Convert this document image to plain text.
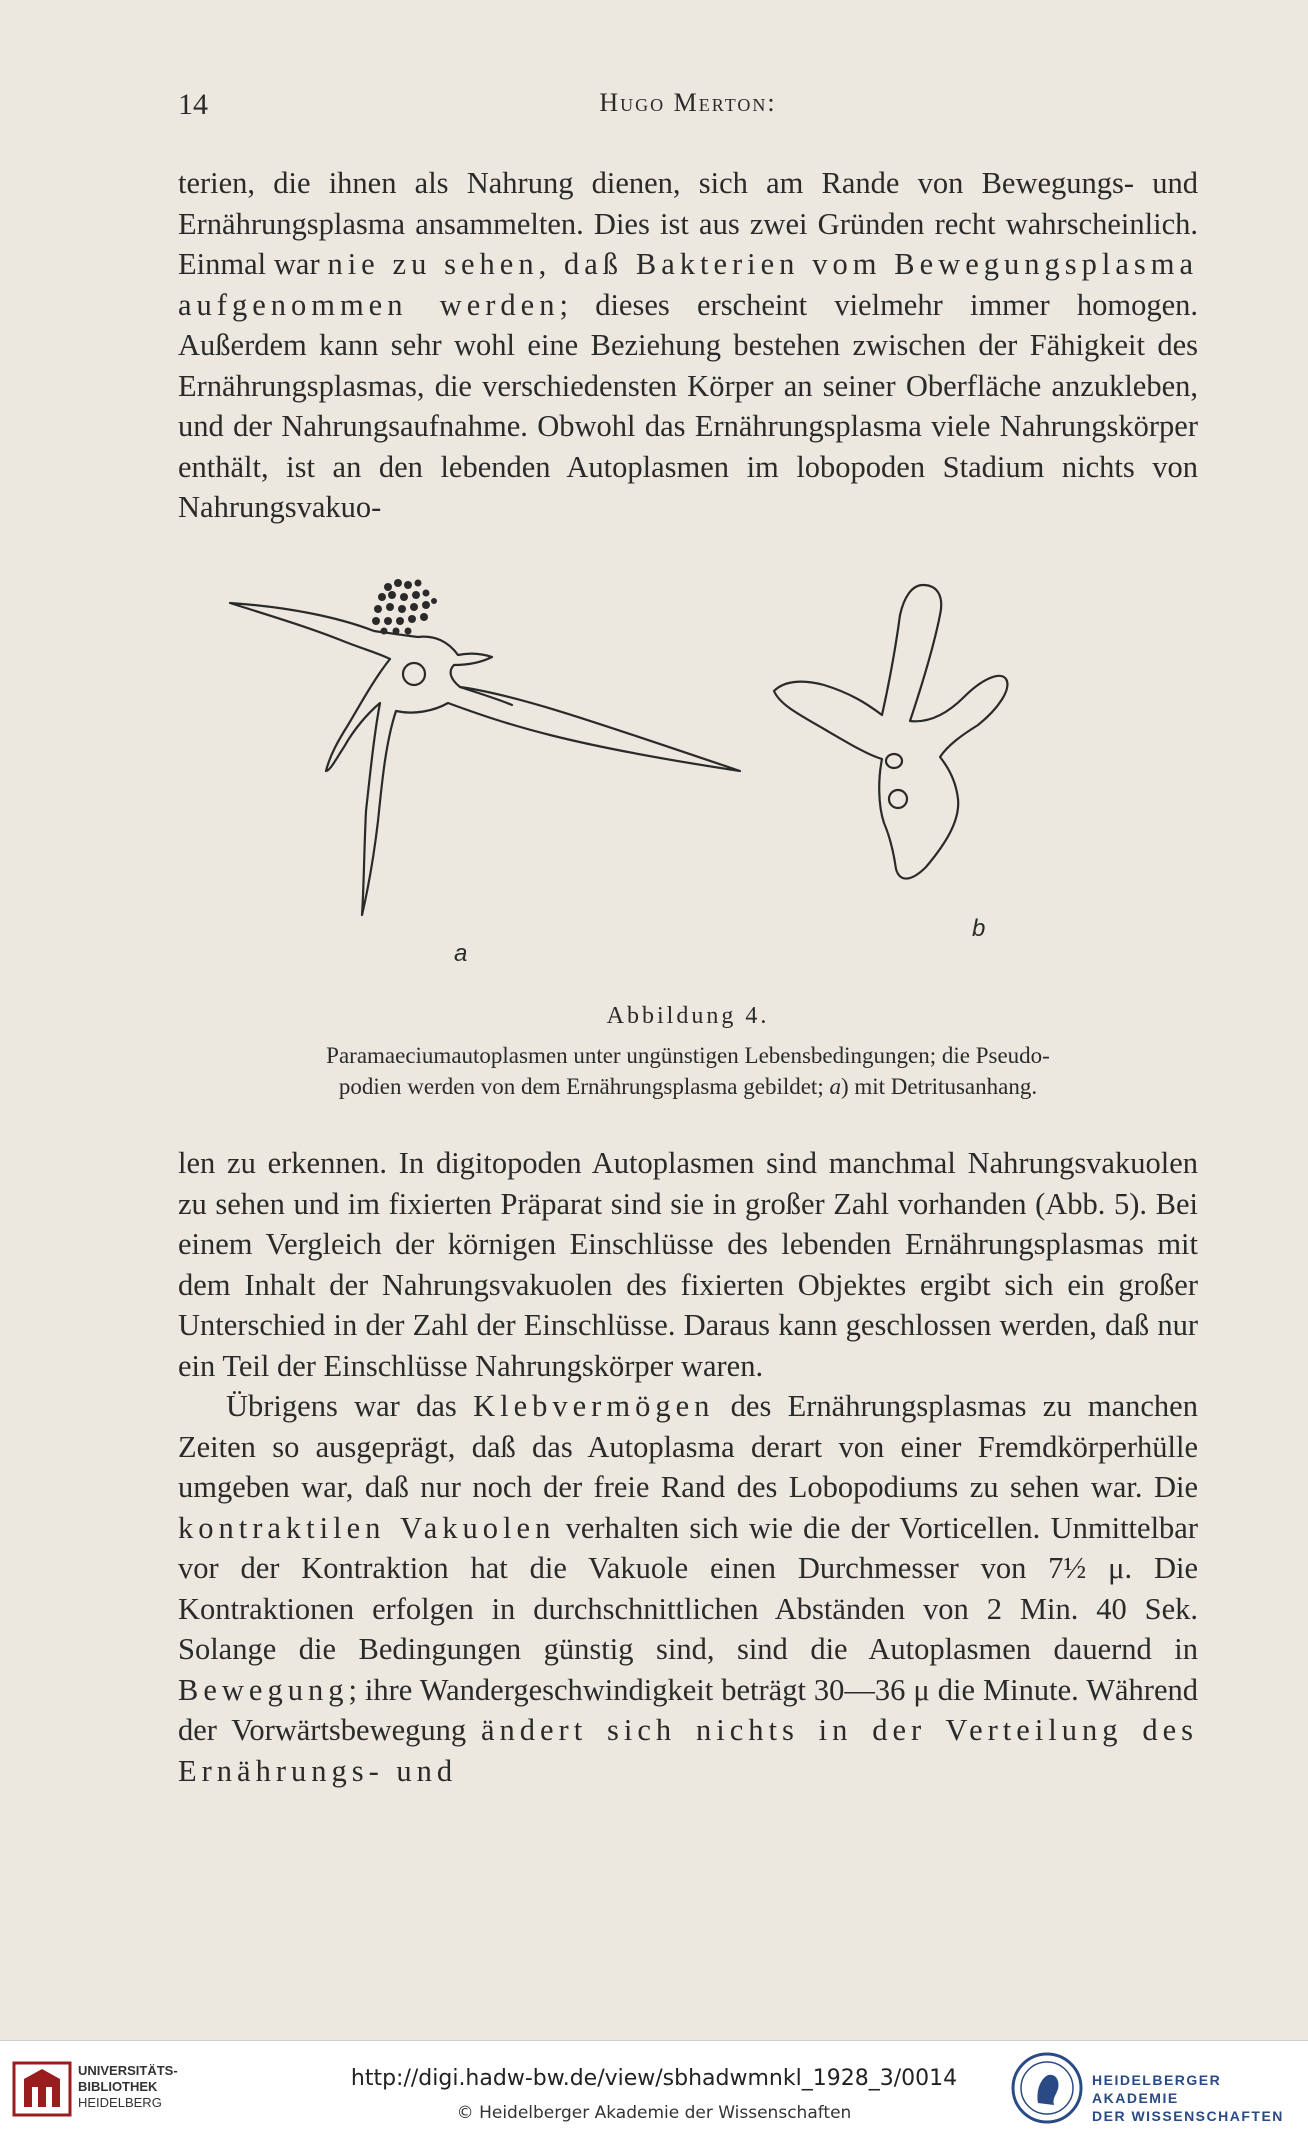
14	Hugo Merton:

terien, die ihnen als Nahrung dienen, sich am Rande von Bewegungs- und Ernährungsplasma ansammelten. Dies ist aus zwei Gründen recht wahrscheinlich. Einmal war nie zu sehen, daß Bakterien vom Bewegungsplasma aufgenommen werden; dieses erscheint vielmehr immer homogen. Außerdem kann sehr wohl eine Beziehung bestehen zwischen der Fähigkeit des Ernährungsplasmas, die verschiedensten Körper an seiner Oberfläche anzukleben, und der Nahrungsaufnahme. Obwohl das Ernährungsplasma viele Nahrungskörper enthält, ist an den lebenden Autoplasmen im lobopoden Stadium nichts von Nahrungsvakuo-

a
b
Abbildung 4.

Paramaeciumautoplasmen unter ungünstigen Lebensbedingungen; die Pseudo-

podien werden von dem Ernährungsplasma gebildet; a) mit Detritusanhang.

len zu erkennen. In digitopoden Autoplasmen sind manchmal Nahrungsvakuolen zu sehen und im fixierten Präparat sind sie in großer Zahl vorhanden (Abb. 5). Bei einem Vergleich der körnigen Einschlüsse des lebenden Ernährungsplasmas mit dem Inhalt der Nahrungsvakuolen des fixierten Objektes ergibt sich ein großer Unterschied in der Zahl der Einschlüsse. Daraus kann geschlossen werden, daß nur ein Teil der Einschlüsse Nahrungskörper waren.

Übrigens war das Klebvermögen des Ernährungsplasmas zu manchen Zeiten so ausgeprägt, daß das Autoplasma derart von einer Fremdkörperhülle umgeben war, daß nur noch der freie Rand des Lobopodiums zu sehen war. Die kontraktilen Vakuolen verhalten sich wie die der Vorticellen. Unmittelbar vor der Kontraktion hat die Vakuole einen Durchmesser von 7½ μ. Die Kontraktionen erfolgen in durchschnittlichen Abständen von 2 Min. 40 Sek. Solange die Bedingungen günstig sind, sind die Autoplasmen dauernd in Bewegung; ihre Wandergeschwindigkeit beträgt 30—36 μ die Minute. Während der Vorwärtsbewegung ändert sich nichts in der Verteilung des Ernährungs- und

UNIVERSITÄTS-
BIBLIOTHEK
HEIDELBERG
http://digi.hadw-bw.de/view/sbhadwmnkl_1928_3/0014
© Heidelberger Akademie der Wissenschaften
HEIDELBERGER AKADEMIE
DER WISSENSCHAFTEN
